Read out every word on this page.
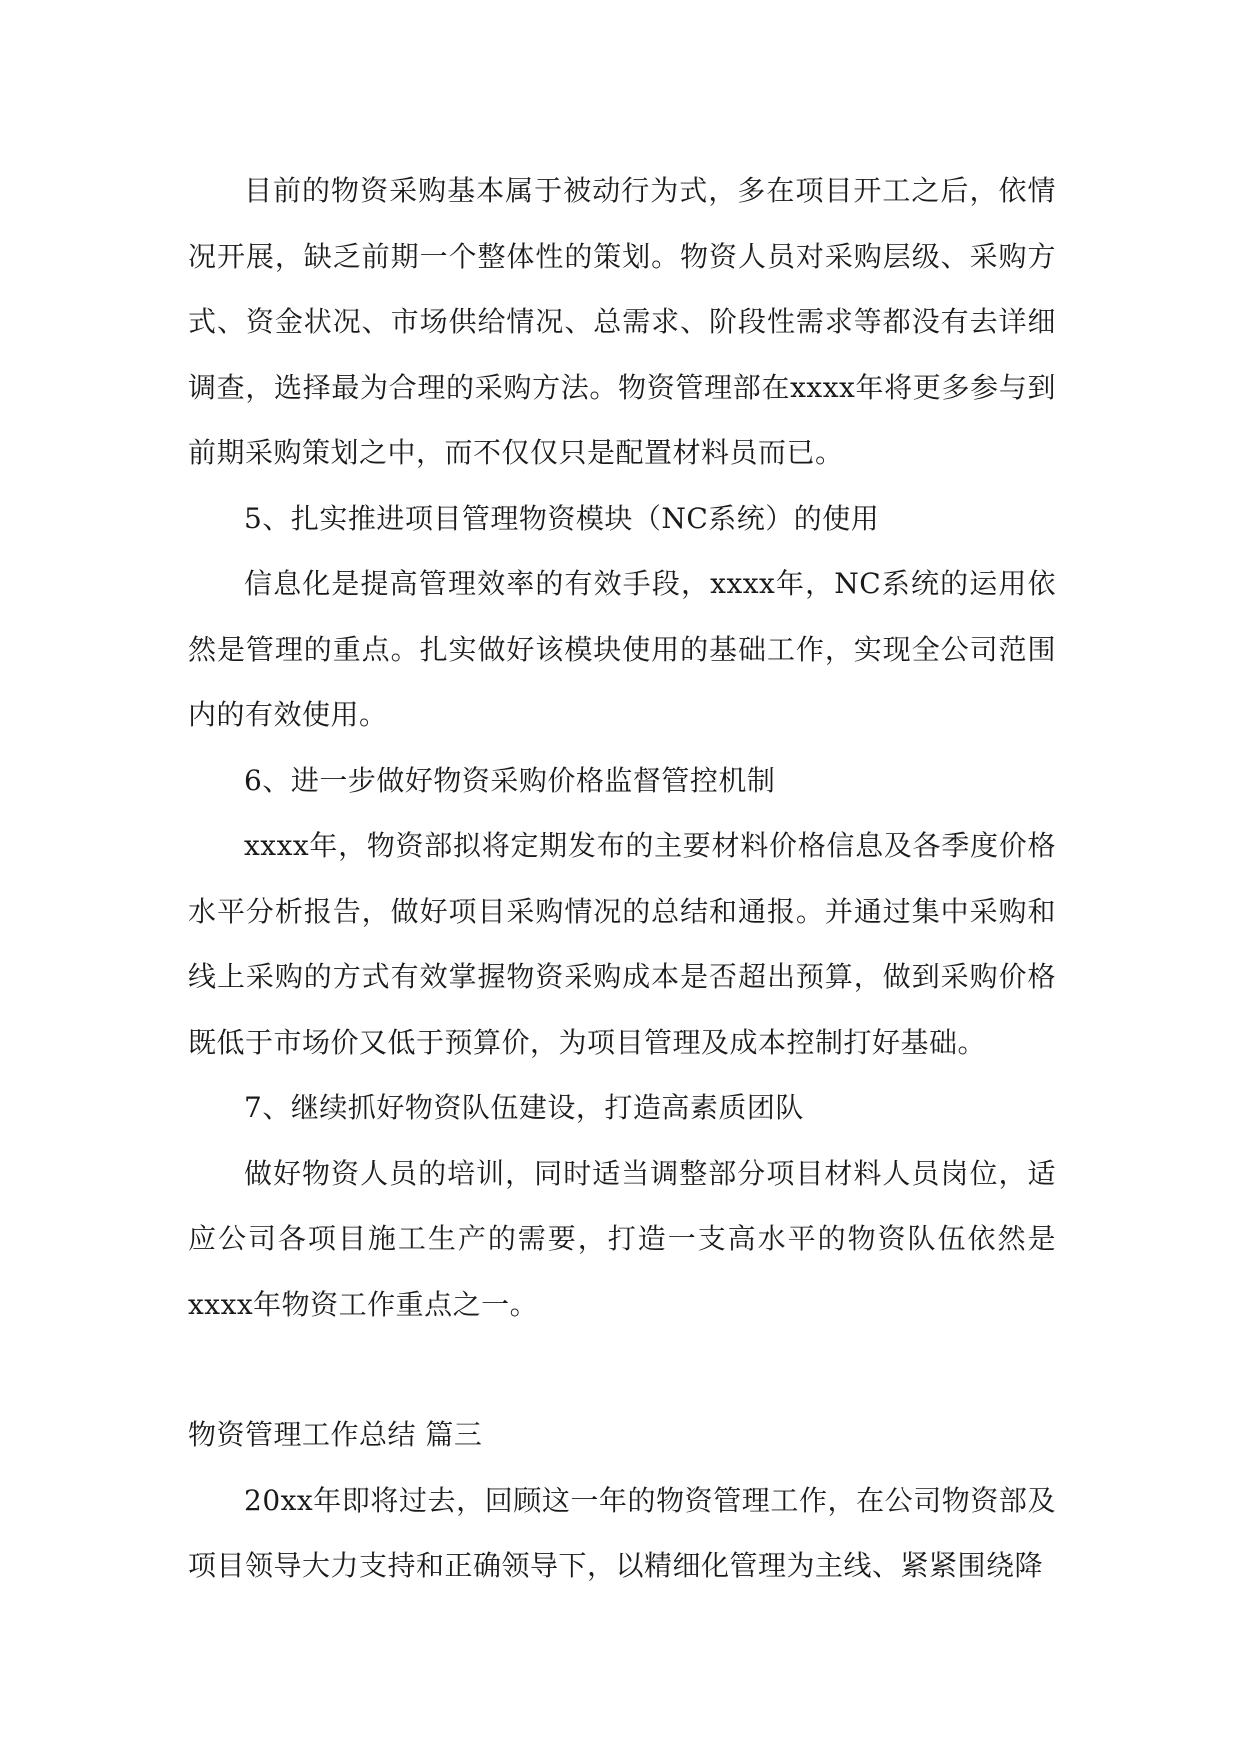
目前的物资采购基本属于被动行为式，多在项目开工之后，依情况开展，缺乏前期一个整体性的策划。物资人员对采购层级、采购方式、资金状况、市场供给情况、总需求、阶段性需求等都没有去详细调查，选择最为合理的采购方法。物资管理部在xxxx年将更多参与到前期采购策划之中，而不仅仅只是配置材料员而已。

5、扎实推进项目管理物资模块（NC系统）的使用

信息化是提高管理效率的有效手段，xxxx年，NC系统的运用依然是管理的重点。扎实做好该模块使用的基础工作，实现全公司范围内的有效使用。

6、进一步做好物资采购价格监督管控机制

xxxx年，物资部拟将定期发布的主要材料价格信息及各季度价格水平分析报告，做好项目采购情况的总结和通报。并通过集中采购和线上采购的方式有效掌握物资采购成本是否超出预算，做到采购价格既低于市场价又低于预算价，为项目管理及成本控制打好基础。

7、继续抓好物资队伍建设，打造高素质团队

做好物资人员的培训，同时适当调整部分项目材料人员岗位，适应公司各项目施工生产的需要，打造一支高水平的物资队伍依然是xxxx年物资工作重点之一。

物资管理工作总结 篇三

20xx年即将过去，回顾这一年的物资管理工作，在公司物资部及项目领导大力支持和正确领导下，以精细化管理为主线、紧紧围绕降
